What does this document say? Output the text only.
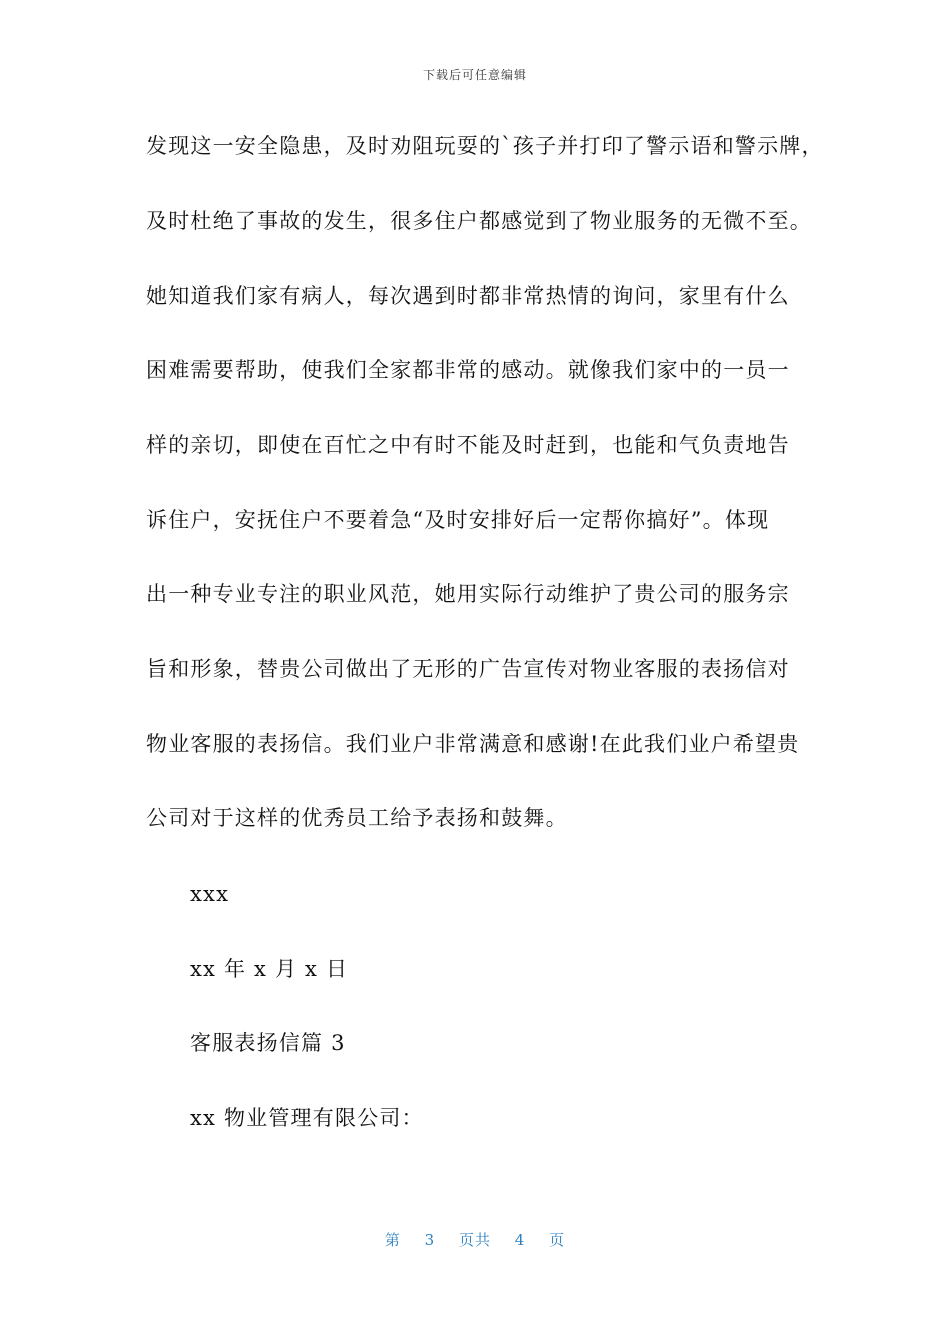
下载后可任意编辑
发现这一安全隐患，及时劝阻玩耍的`孩子并打印了警示语和警示牌，
及时杜绝了事故的发生，很多住户都感觉到了物业服务的无微不至。
她知道我们家有病人，每次遇到时都非常热情的询问，家里有什么
困难需要帮助，使我们全家都非常的感动。就像我们家中的一员一
样的亲切，即使在百忙之中有时不能及时赶到，也能和气负责地告
诉住户，安抚住户不要着急“及时安排好后一定帮你搞好”。体现
出一种专业专注的职业风范，她用实际行动维护了贵公司的服务宗
旨和形象，替贵公司做出了无形的广告宣传对物业客服的表扬信对
物业客服的表扬信。我们业户非常满意和感谢!在此我们业户希望贵
公司对于这样的优秀员工给予表扬和鼓舞。
xxx
xx 年 x 月 x 日
客服表扬信篇 3
xx 物业管理有限公司：
第 3 页共 4 页
